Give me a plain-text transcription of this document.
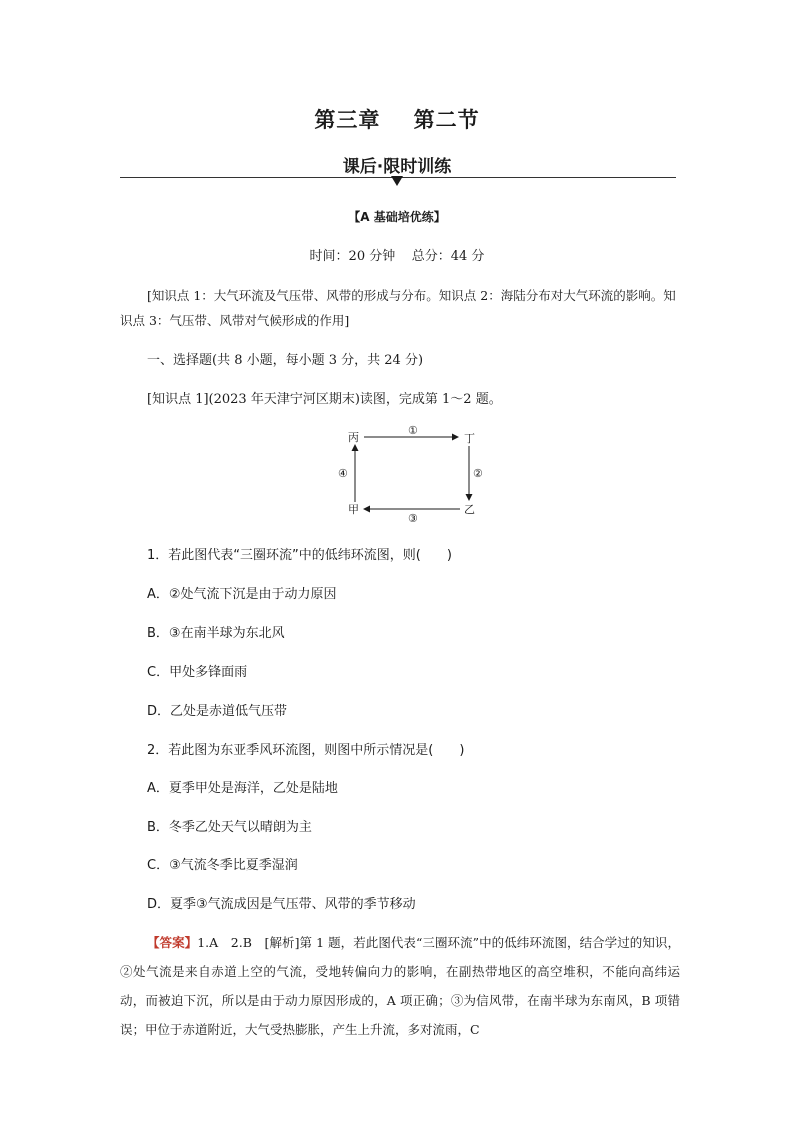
第三章    第二节
课后·限时训练
【A 基础培优练】
时间：20 分钟    总分：44 分
[知识点 1：大气环流及气压带、风带的形成与分布。知识点 2：海陆分布对大气环流的影响。知识点 3：气压带、风带对气候形成的作用]
一、选择题(共 8 小题，每小题 3 分，共 24 分)
[知识点 1](2023 年天津宁河区期末)读图，完成第 1～2 题。
丙	丁
甲	乙
①
②
③
④
1．若此图代表“三圈环流”中的低纬环流图，则(　　)
A．②处气流下沉是由于动力原因
B．③在南半球为东北风
C．甲处多锋面雨
D．乙处是赤道低气压带
2．若此图为东亚季风环流图，则图中所示情况是(　　)
A．夏季甲处是海洋，乙处是陆地
B．冬季乙处天气以晴朗为主
C．③气流冬季比夏季湿润
D．夏季③气流成因是气压带、风带的季节移动
【答案】1.A　2.B　[解析]第 1 题，若此图代表“三圈环流”中的低纬环流图，结合学过的知识，②处气流是来自赤道上空的气流，受地转偏向力的影响，在副热带地区的高空堆积，不能向高纬运动，而被迫下沉，所以是由于动力原因形成的，A 项正确；③为信风带，在南半球为东南风，B 项错误；甲位于赤道附近，大气受热膨胀，产生上升流，多对流雨，C
